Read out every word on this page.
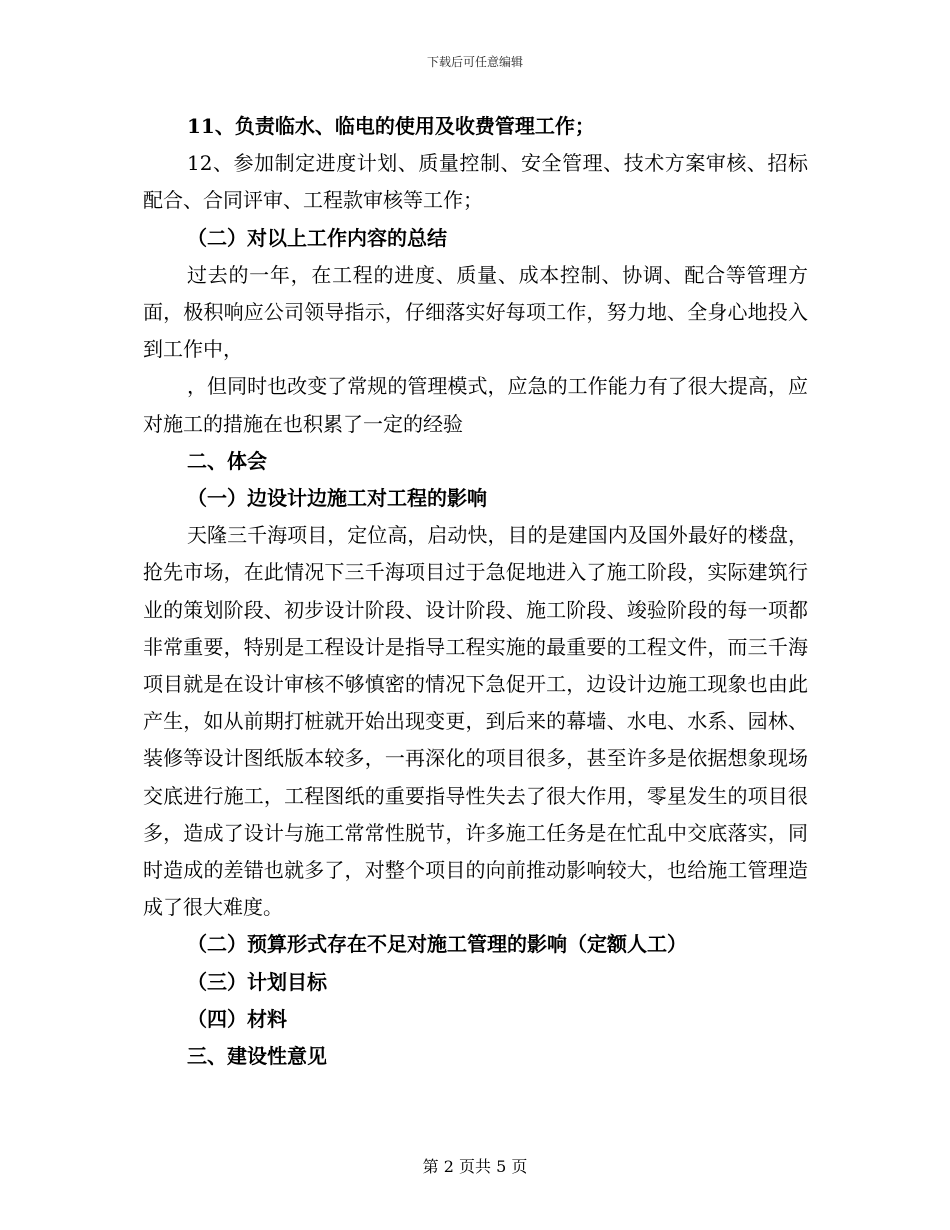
下载后可任意编辑

11、负责临水、临电的使用及收费管理工作；

12、参加制定进度计划、质量控制、安全管理、技术方案审核、招标配合、合同评审、工程款审核等工作；

（二）对以上工作内容的总结

过去的一年，在工程的进度、质量、成本控制、协调、配合等管理方面，极积响应公司领导指示，仔细落实好每项工作，努力地、全身心地投入到工作中，

，但同时也改变了常规的管理模式，应急的工作能力有了很大提高，应对施工的措施在也积累了一定的经验

二、体会

（一）边设计边施工对工程的影响

天隆三千海项目，定位高，启动快，目的是建国内及国外最好的楼盘，抢先市场，在此情况下三千海项目过于急促地进入了施工阶段，实际建筑行业的策划阶段、初步设计阶段、设计阶段、施工阶段、竣验阶段的每一项都非常重要，特别是工程设计是指导工程实施的最重要的工程文件，而三千海项目就是在设计审核不够慎密的情况下急促开工，边设计边施工现象也由此产生，如从前期打桩就开始出现变更，到后来的幕墙、水电、水系、园林、装修等设计图纸版本较多，一再深化的项目很多，甚至许多是依据想象现场交底进行施工，工程图纸的重要指导性失去了很大作用，零星发生的项目很多，造成了设计与施工常常性脱节，许多施工任务是在忙乱中交底落实，同时造成的差错也就多了，对整个项目的向前推动影响较大，也给施工管理造成了很大难度。

（二）预算形式存在不足对施工管理的影响（定额人工）

（三）计划目标

（四）材料

三、建设性意见

第 2 页共 5 页
